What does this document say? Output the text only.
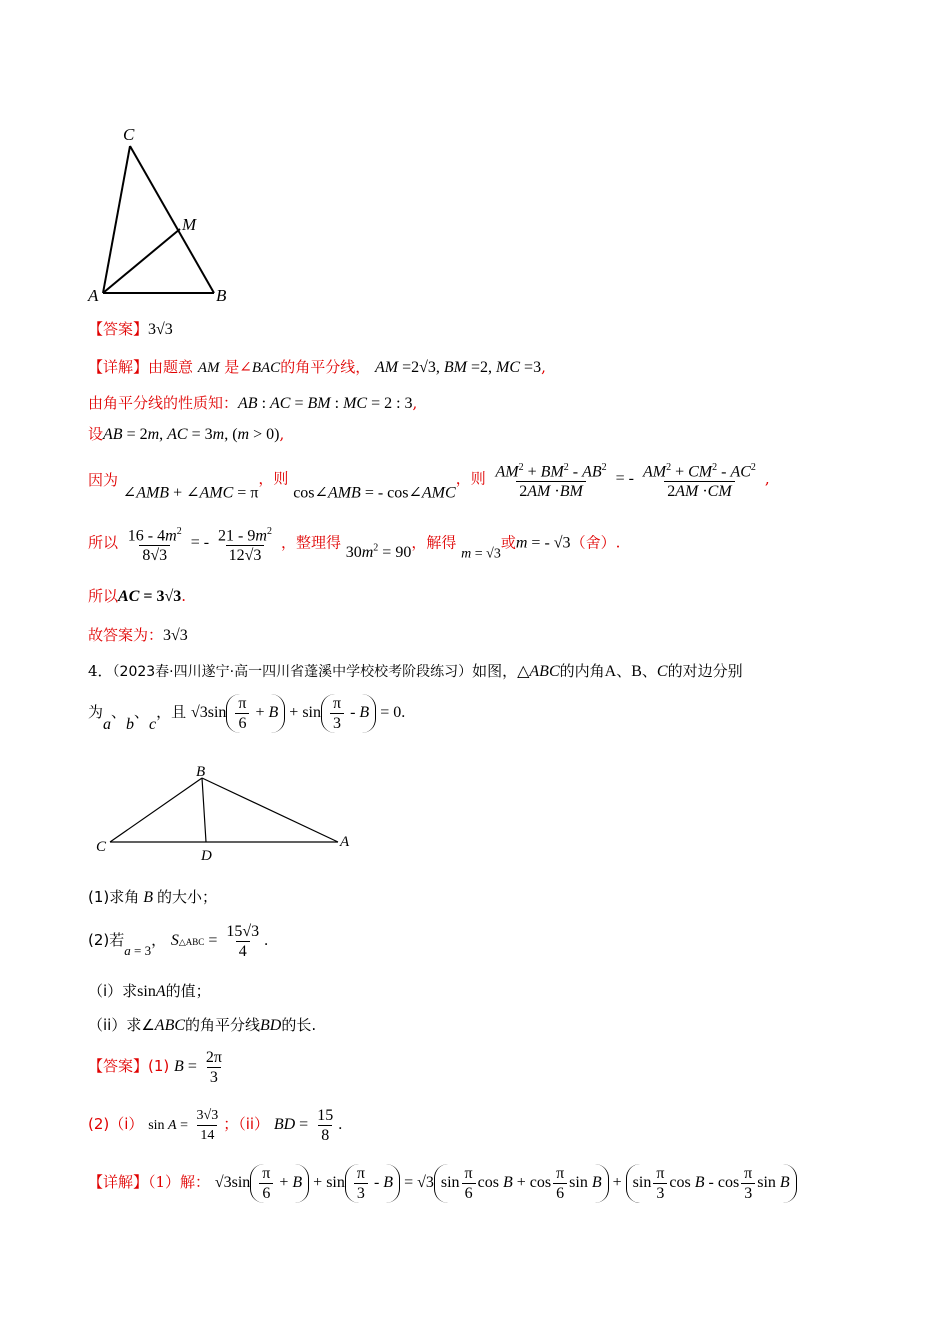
C
M
A	B
【答案】3√3
【详解】由题意 AM 是∠BAC的角平分线， AM =2√3, BM =2, MC =3,
由角平分线的性质知：AB : AC = BM : MC = 2 : 3,
设AB = 2m, AC = 3m, (m > 0),
因为 ∠AMB + ∠AMC = π，则 cos∠AMB = - cos∠AMC，则 $\frac{AM^2 + BM^2 - AB^2}{2AM \cdot BM}$ = - $\frac{AM^2 + CM^2 - AC^2}{2AM \cdot CM}$ ,
所以 $\frac{16 - 4m^2}{8√3}$ = - $\frac{21 - 9m^2}{12√3}$ ，整理得 $30m^2 = 90$，解得 m = √3或m = - √3（舍）.
所以AC = 3√3.
故答案为：3√3
4．（2023春·四川遂宁·高一四川省蓬溪中学校校考阶段练习）如图，△ABC的内角A、B、C的对边分别
为a、b、c，且 $√3\sin \frac{\pi}{6} + B + \sin \frac{\pi}{3} - B = 0$.
B
C
D
A
(1)求角 B 的大小；
(2)若a = 3， S△ABC = $\frac{15√3}{4}$ .
（i）求sinA的值；
（ii）求∠ABC的角平分线BD的长.
【答案】(1) $B = \frac{2\pi}{3}$
(2)（i） $\sin A = \frac{3√3}{14}$ ；（ii） BD = $\frac{15}{8}$ .
【详解】（1）解： $√3\sin \frac{\pi}{6} + B + \sin \frac{\pi}{3} - B = √3$ $\sin \frac{\pi}{6}$ $\cos B + \cos \frac{\pi}{6}$ $\sin B + \sin \frac{\pi}{3}$ cos B - $\cos \frac{\pi}{3}$ sin B
